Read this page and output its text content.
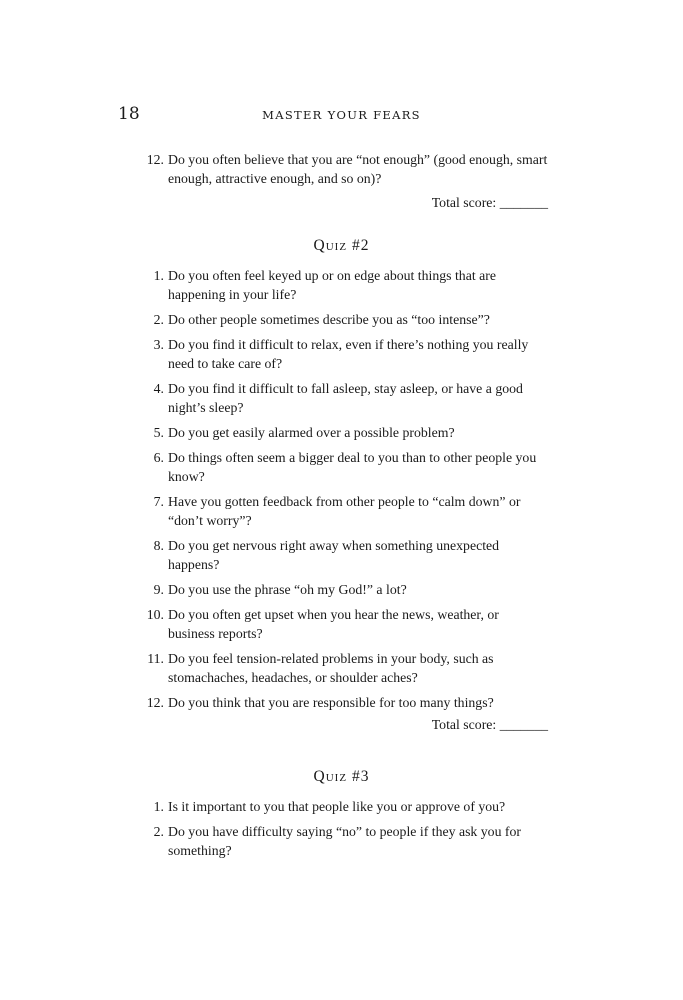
18	MASTER YOUR FEARS
12. Do you often believe that you are “not enough” (good enough, smart enough, attractive enough, and so on)?
Total score: _______
Quiz #2
1. Do you often feel keyed up or on edge about things that are happening in your life?
2. Do other people sometimes describe you as “too intense”?
3. Do you find it difficult to relax, even if there’s nothing you really need to take care of?
4. Do you find it difficult to fall asleep, stay asleep, or have a good night’s sleep?
5. Do you get easily alarmed over a possible problem?
6. Do things often seem a bigger deal to you than to other people you know?
7. Have you gotten feedback from other people to “calm down” or “don’t worry”?
8. Do you get nervous right away when something unexpected happens?
9. Do you use the phrase “oh my God!” a lot?
10. Do you often get upset when you hear the news, weather, or business reports?
11. Do you feel tension-related problems in your body, such as stomachaches, headaches, or shoulder aches?
12. Do you think that you are responsible for too many things?
Total score: _______
Quiz #3
1. Is it important to you that people like you or approve of you?
2. Do you have difficulty saying “no” to people if they ask you for something?
